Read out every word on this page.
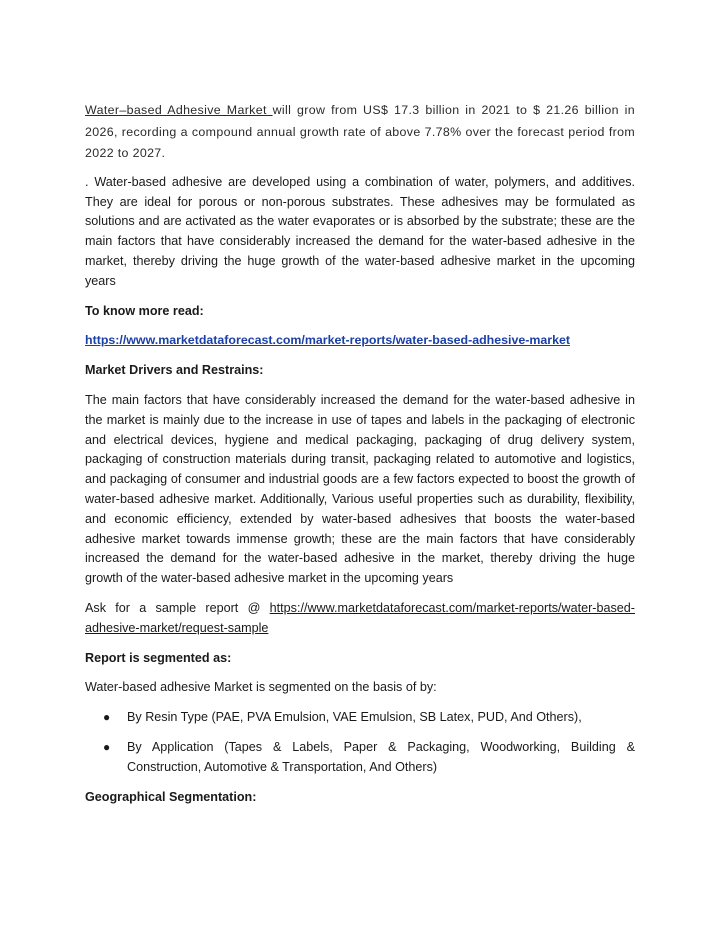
Water–based Adhesive Market will grow from US$ 17.3 billion in 2021 to $ 21.26 billion in 2026, recording a compound annual growth rate of above 7.78% over the forecast period from 2022 to 2027.

. Water-based adhesive are developed using a combination of water, polymers, and additives. They are ideal for porous or non-porous substrates. These adhesives may be formulated as solutions and are activated as the water evaporates or is absorbed by the substrate; these are the main factors that have considerably increased the demand for the water-based adhesive in the market, thereby driving the huge growth of the water-based adhesive market in the upcoming years

To know more read:

https://www.marketdataforecast.com/market-reports/water-based-adhesive-market

Market Drivers and Restrains:

The main factors that have considerably increased the demand for the water-based adhesive in the market is mainly due to the increase in use of tapes and labels in the packaging of electronic and electrical devices, hygiene and medical packaging, packaging of drug delivery system, packaging of construction materials during transit, packaging related to automotive and logistics, and packaging of consumer and industrial goods are a few factors expected to boost the growth of water-based adhesive market. Additionally, Various useful properties such as durability, flexibility, and economic efficiency, extended by water-based adhesives that boosts the water-based adhesive market towards immense growth; these are the main factors that have considerably increased the demand for the water-based adhesive in the market, thereby driving the huge growth of the water-based adhesive market in the upcoming years

Ask for a sample report @ https://www.marketdataforecast.com/market-reports/water-based-adhesive-market/request-sample

Report is segmented as:

Water-based adhesive Market is segmented on the basis of by:

● By Resin Type (PAE, PVA Emulsion, VAE Emulsion, SB Latex, PUD, And Others),
● By Application (Tapes & Labels, Paper & Packaging, Woodworking, Building & Construction, Automotive & Transportation, And Others)

Geographical Segmentation:
